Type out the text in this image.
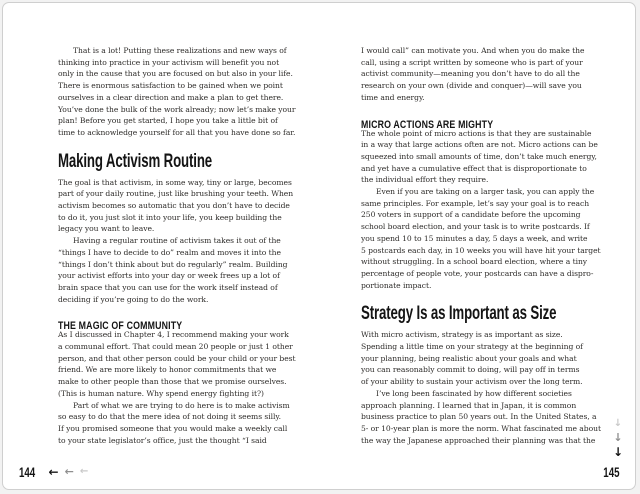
That is a lot! Putting these realizations and new ways of
thinking into practice in your activism will benefit you not
only in the cause that you are focused on but also in your life.
There is enormous satisfaction to be gained when we point
ourselves in a clear direction and make a plan to get there.
You’ve done the bulk of the work already; now let’s make your
plan! Before you get started, I hope you take a little bit of
time to acknowledge yourself for all that you have done so far.
Making Activism Routine
The goal is that activism, in some way, tiny or large, becomes
part of your daily routine, just like brushing your teeth. When
activism becomes so automatic that you don’t have to decide
to do it, you just slot it into your life, you keep building the
legacy you want to leave.
Having a regular routine of activism takes it out of the
“things I have to decide to do” realm and moves it into the
“things I don’t think about but do regularly” realm. Building
your activist efforts into your day or week frees up a lot of
brain space that you can use for the work itself instead of
deciding if you’re going to do the work.
THE MAGIC OF COMMUNITY
As I discussed in Chapter 4, I recommend making your work
a communal effort. That could mean 20 people or just 1 other
person, and that other person could be your child or your best
friend. We are more likely to honor commitments that we
make to other people than those that we promise ourselves.
(This is human nature. Why spend energy fighting it?)
Part of what we are trying to do here is to make activism
so easy to do that the mere idea of not doing it seems silly.
If you promised someone that you would make a weekly call
to your state legislator’s office, just the thought “I said
I would call” can motivate you. And when you do make the
call, using a script written by someone who is part of your
activist community—meaning you don’t have to do all the
research on your own (divide and conquer)—will save you
time and energy.
MICRO ACTIONS ARE MIGHTY
The whole point of micro actions is that they are sustainable
in a way that large actions often are not. Micro actions can be
squeezed into small amounts of time, don’t take much energy,
and yet have a cumulative effect that is disproportionate to
the individual effort they require.
Even if you are taking on a larger task, you can apply the
same principles. For example, let’s say your goal is to reach
250 voters in support of a candidate before the upcoming
school board election, and your task is to write postcards. If
you spend 10 to 15 minutes a day, 5 days a week, and write
5 postcards each day, in 10 weeks you will have hit your target
without struggling. In a school board election, where a tiny
percentage of people vote, your postcards can have a dispro-
portionate impact.
Strategy Is as Important as Size
With micro activism, strategy is as important as size.
Spending a little time on your strategy at the beginning of
your planning, being realistic about your goals and what
you can reasonably commit to doing, will pay off in terms
of your ability to sustain your activism over the long term.
I’ve long been fascinated by how different societies
approach planning. I learned that in Japan, it is common
business practice to plan 50 years out. In the United States, a
5- or 10-year plan is more the norm. What fascinated me about
the way the Japanese approached their planning was that the
144	← ← ←
↓
↓
↓
145
